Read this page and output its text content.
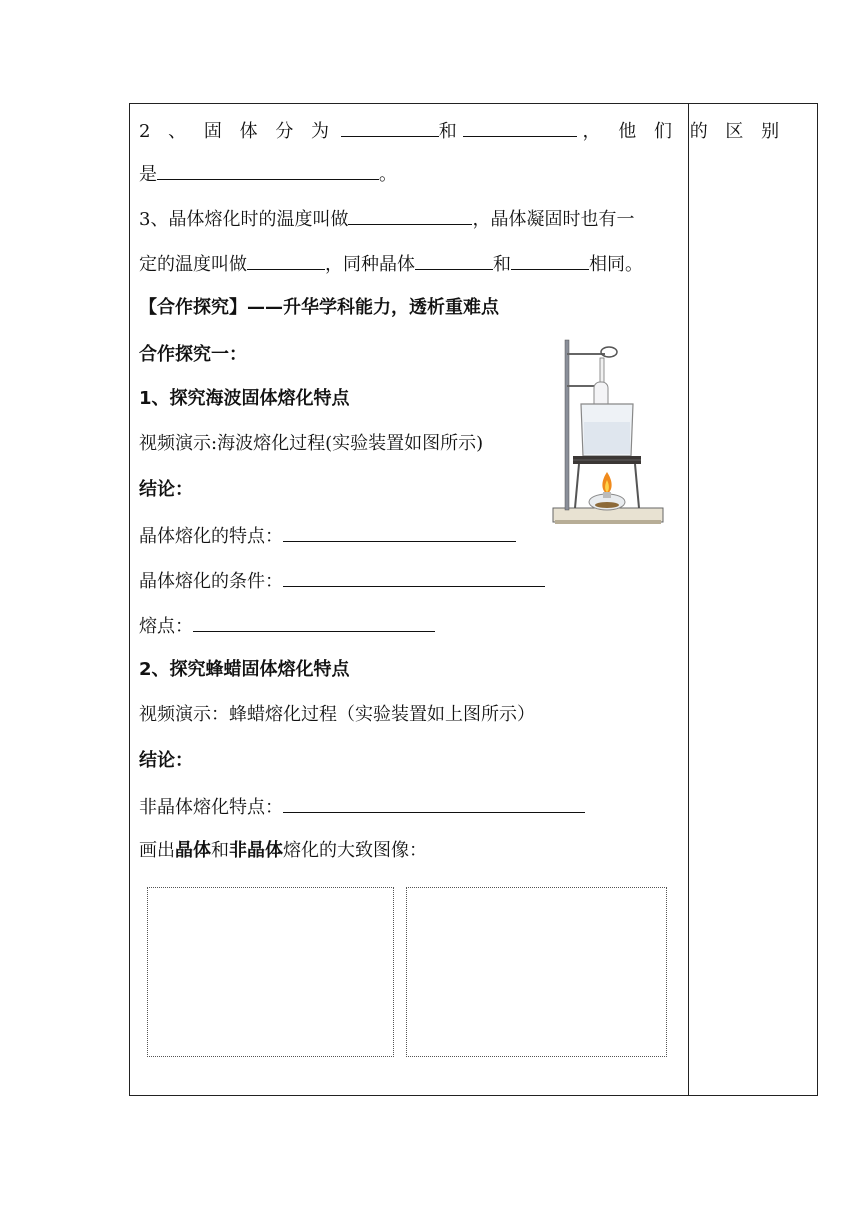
2 、 固 体 分 为	和	， 他 们 的 区 别
是	。
3、晶体熔化时的温度叫做	，晶体凝固时也有一
定的温度叫做	，同种晶体	和	相同。
【合作探究】——升华学科能力，透析重难点
合作探究一：
1、探究海波固体熔化特点
视频演示:海波熔化过程(实验装置如图所示)
结论：
晶体熔化的特点：
晶体熔化的条件：
熔点：
2、探究蜂蜡固体熔化特点
视频演示：蜂蜡熔化过程（实验装置如上图所示）
结论：
非晶体熔化特点：
画出晶体和非晶体熔化的大致图像：
